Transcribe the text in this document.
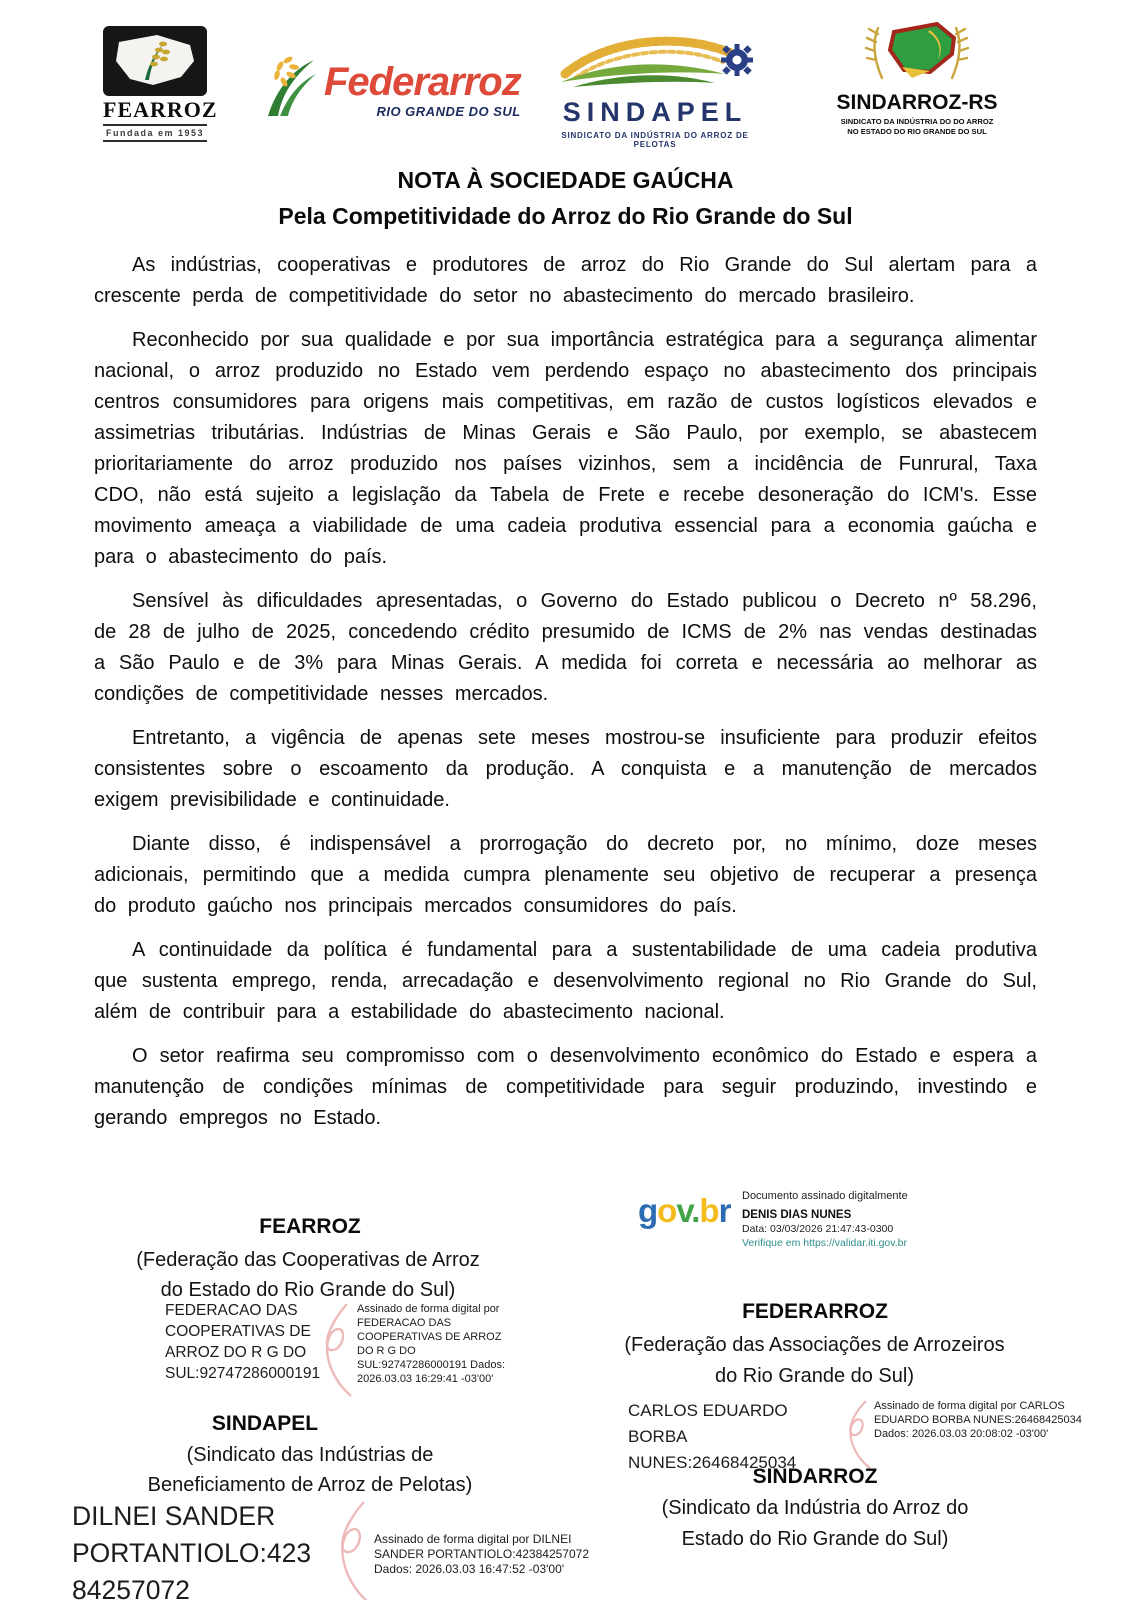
FEARROZ
Fundada em 1953
Federarroz
RIO GRANDE DO SUL	SINDAPEL
SINDICATO DA INDÚSTRIA DO ARROZ DE PELOTAS
SINDARROZ-RS
SINDICATO DA INDÚSTRIA DO DO ARROZ
NO ESTADO DO RIO GRANDE DO SUL
NOTA À SOCIEDADE GAÚCHA
Pela Competitividade do Arroz do Rio Grande do Sul

As indústrias, cooperativas e produtores de arroz do Rio Grande do Sul alertam para a crescente perda de competitividade do setor no abastecimento do mercado brasileiro.

Reconhecido por sua qualidade e por sua importância estratégica para a segurança alimentar nacional, o arroz produzido no Estado vem perdendo espaço no abastecimento dos principais centros consumidores para origens mais competitivas, em razão de custos logísticos elevados e assimetrias tributárias. Indústrias de Minas Gerais e São Paulo, por exemplo, se abastecem prioritariamente do arroz produzido nos países vizinhos, sem a incidência de Funrural, Taxa CDO, não está sujeito a legislação da Tabela de Frete e recebe desoneração do ICM's. Esse movimento ameaça a viabilidade de uma cadeia produtiva essencial para a economia gaúcha e para o abastecimento do país.

Sensível às dificuldades apresentadas, o Governo do Estado publicou o Decreto nº 58.296, de 28 de julho de 2025, concedendo crédito presumido de ICMS de 2% nas vendas destinadas a São Paulo e de 3% para Minas Gerais. A medida foi correta e necessária ao melhorar as condições de competitividade nesses mercados.

Entretanto, a vigência de apenas sete meses mostrou-se insuficiente para produzir efeitos consistentes sobre o escoamento da produção. A conquista e a manutenção de mercados exigem previsibilidade e continuidade.

Diante disso, é indispensável a prorrogação do decreto por, no mínimo, doze meses adicionais, permitindo que a medida cumpra plenamente seu objetivo de recuperar a presença do produto gaúcho nos principais mercados consumidores do país.

A continuidade da política é fundamental para a sustentabilidade de uma cadeia produtiva que sustenta emprego, renda, arrecadação e desenvolvimento regional no Rio Grande do Sul, além de contribuir para a estabilidade do abastecimento nacional.

O setor reafirma seu compromisso com o desenvolvimento econômico do Estado e espera a manutenção de condições mínimas de competitividade para seguir produzindo, investindo e gerando empregos no Estado.

gov.br Documento assinado digitalmente
DENIS DIAS NUNES
Data: 03/03/2026 21:47:43-0300
Verifique em https://validar.iti.gov.br
FEARROZ
(Federação das Cooperativas de Arroz do Estado do Rio Grande do Sul)
FEDERACAO DAS COOPERATIVAS DE ARROZ DO R G DO SUL:92747286000191
Assinado de forma digital por FEDERACAO DAS COOPERATIVAS DE ARROZ DO R G DO SUL:92747286000191 Dados: 2026.03.03 16:29:41 -03'00'
SINDAPEL
(Sindicato das Indústrias de Beneficiamento de Arroz de Pelotas)
DILNEI SANDER PORTANTIOLO:423 84257072
Assinado de forma digital por DILNEI SANDER PORTANTIOLO:42384257072 Dados: 2026.03.03 16:47:52 -03'00'
FEDERARROZ
(Federação das Associações de Arrozeiros do Rio Grande do Sul)
CARLOS EDUARDO BORBA NUNES:26468425034
Assinado de forma digital por CARLOS EDUARDO BORBA NUNES:26468425034 Dados: 2026.03.03 20:08:02 -03'00'
SINDARROZ
(Sindicato da Indústria do Arroz do Estado do Rio Grande do Sul)
